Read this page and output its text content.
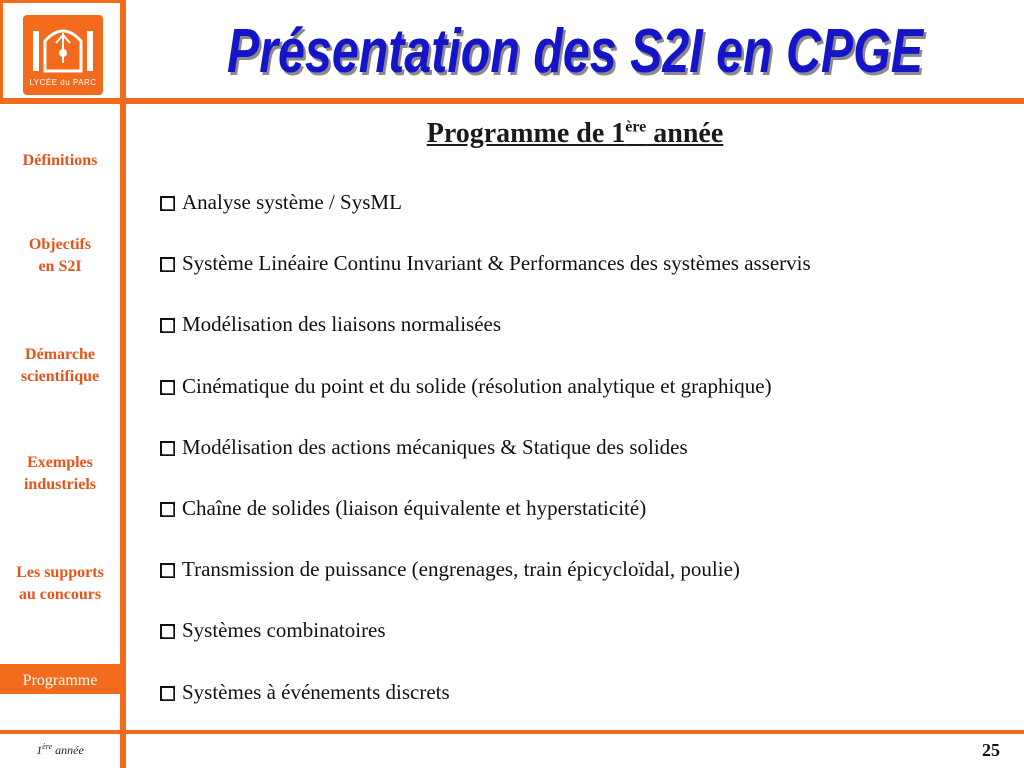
LYCÉE du PARC Présentation des S2I en CPGE
Définitions
Objectifs
en S2I
Démarche
scientifique
Exemples
industriels
Les supports
au concours
Programme
Programme de 1ère année
Analyse système / SysML
Système Linéaire Continu Invariant & Performances des systèmes asservis
Modélisation des liaisons normalisées
Cinématique du point et du solide (résolution analytique et graphique)
Modélisation des actions mécaniques & Statique des solides
Chaîne de solides (liaison équivalente et hyperstaticité)
Transmission de puissance (engrenages, train épicycloïdal, poulie)
Systèmes combinatoires
Systèmes à événements discrets
1ère année	25
